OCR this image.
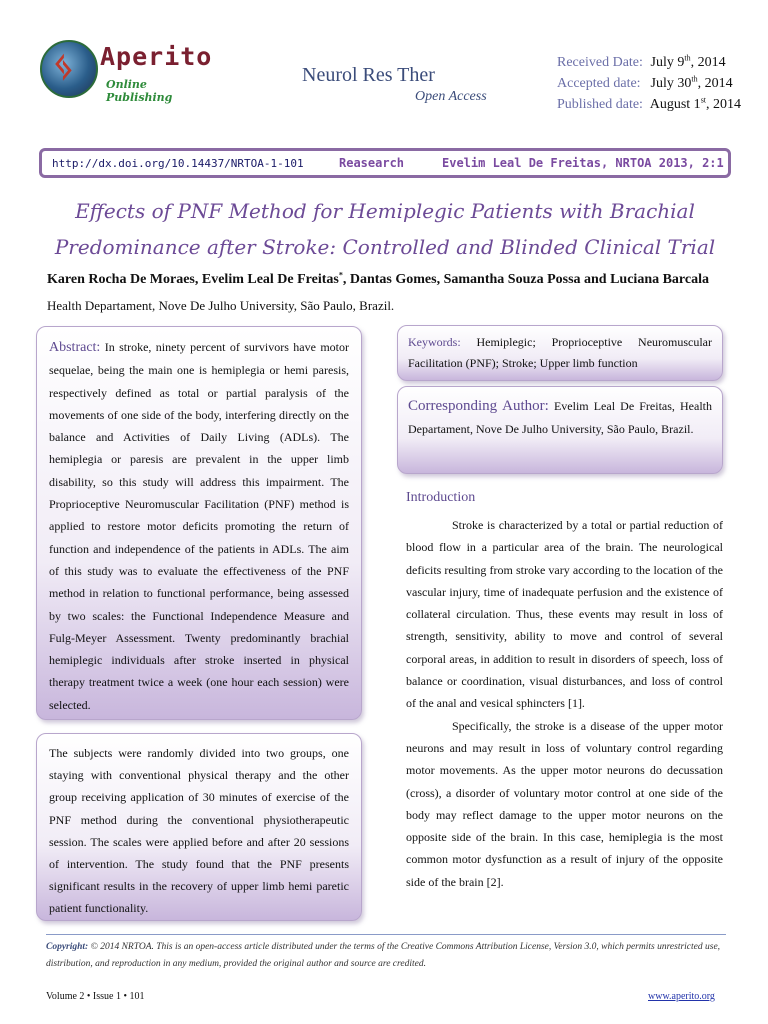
ᛃ Aperito
Online Publishing
Neurol Res Ther
Open Access
Received Date: July 9th, 2014
Accepted date: July 30th, 2014
Published date: August 1st, 2014
http://dx.doi.org/10.14437/NRTOA-1-101	Reasearch	Evelim Leal De Freitas, NRTOA 2013, 2:1
Effects of PNF Method for Hemiplegic Patients with Brachial
Predominance after Stroke: Controlled and Blinded Clinical Trial
Karen Rocha De Moraes, Evelim Leal De Freitas*, Dantas Gomes, Samantha Souza Possa and Luciana Barcala
Health Departament, Nove De Julho University, São Paulo, Brazil.
Abstract: In stroke, ninety percent of survivors have motor sequelae, being the main one is hemiplegia or hemi paresis, respectively defined as total or partial paralysis of the movements of one side of the body, interfering directly on the balance and Activities of Daily Living (ADLs). The hemiplegia or paresis are prevalent in the upper limb disability, so this study will address this impairment. The Proprioceptive Neuromuscular Facilitation (PNF) method is applied to restore motor deficits promoting the return of function and independence of the patients in ADLs. The aim of this study was to evaluate the effectiveness of the PNF method in relation to functional performance, being assessed by two scales: the Functional Independence Measure and Fulg-Meyer Assessment. Twenty predominantly brachial hemiplegic individuals after stroke inserted in physical therapy treatment twice a week (one hour each session) were selected.
The subjects were randomly divided into two groups, one staying with conventional physical therapy and the other group receiving application of 30 minutes of exercise of the PNF method during the conventional physiotherapeutic session. The scales were applied before and after 20 sessions of intervention. The study found that the PNF presents significant results in the recovery of upper limb hemi paretic patient functionality.
Keywords: Hemiplegic; Proprioceptive Neuromuscular Facilitation (PNF); Stroke; Upper limb function
Corresponding Author: Evelim Leal De Freitas, Health Departament, Nove De Julho University, São Paulo, Brazil.
Introduction

Stroke is characterized by a total or partial reduction of blood flow in a particular area of the brain. The neurological deficits resulting from stroke vary according to the location of the vascular injury, time of inadequate perfusion and the existence of collateral circulation. Thus, these events may result in loss of strength, sensitivity, ability to move and control of several corporal areas, in addition to result in disorders of speech, loss of balance or coordination, visual disturbances, and loss of control of the anal and vesical sphincters [1].

Specifically, the stroke is a disease of the upper motor neurons and may result in loss of voluntary control regarding motor movements. As the upper motor neurons do decussation (cross), a disorder of voluntary motor control at one side of the body may reflect damage to the upper motor neurons on the opposite side of the brain. In this case, hemiplegia is the most common motor dysfunction as a result of injury of the opposite side of the brain [2].

Copyright: © 2014 NRTOA. This is an open-access article distributed under the terms of the Creative Commons Attribution License, Version 3.0, which permits unrestricted use, distribution, and reproduction in any medium, provided the original author and source are credited.
Volume 2 • Issue 1 • 101	www.aperito.org
